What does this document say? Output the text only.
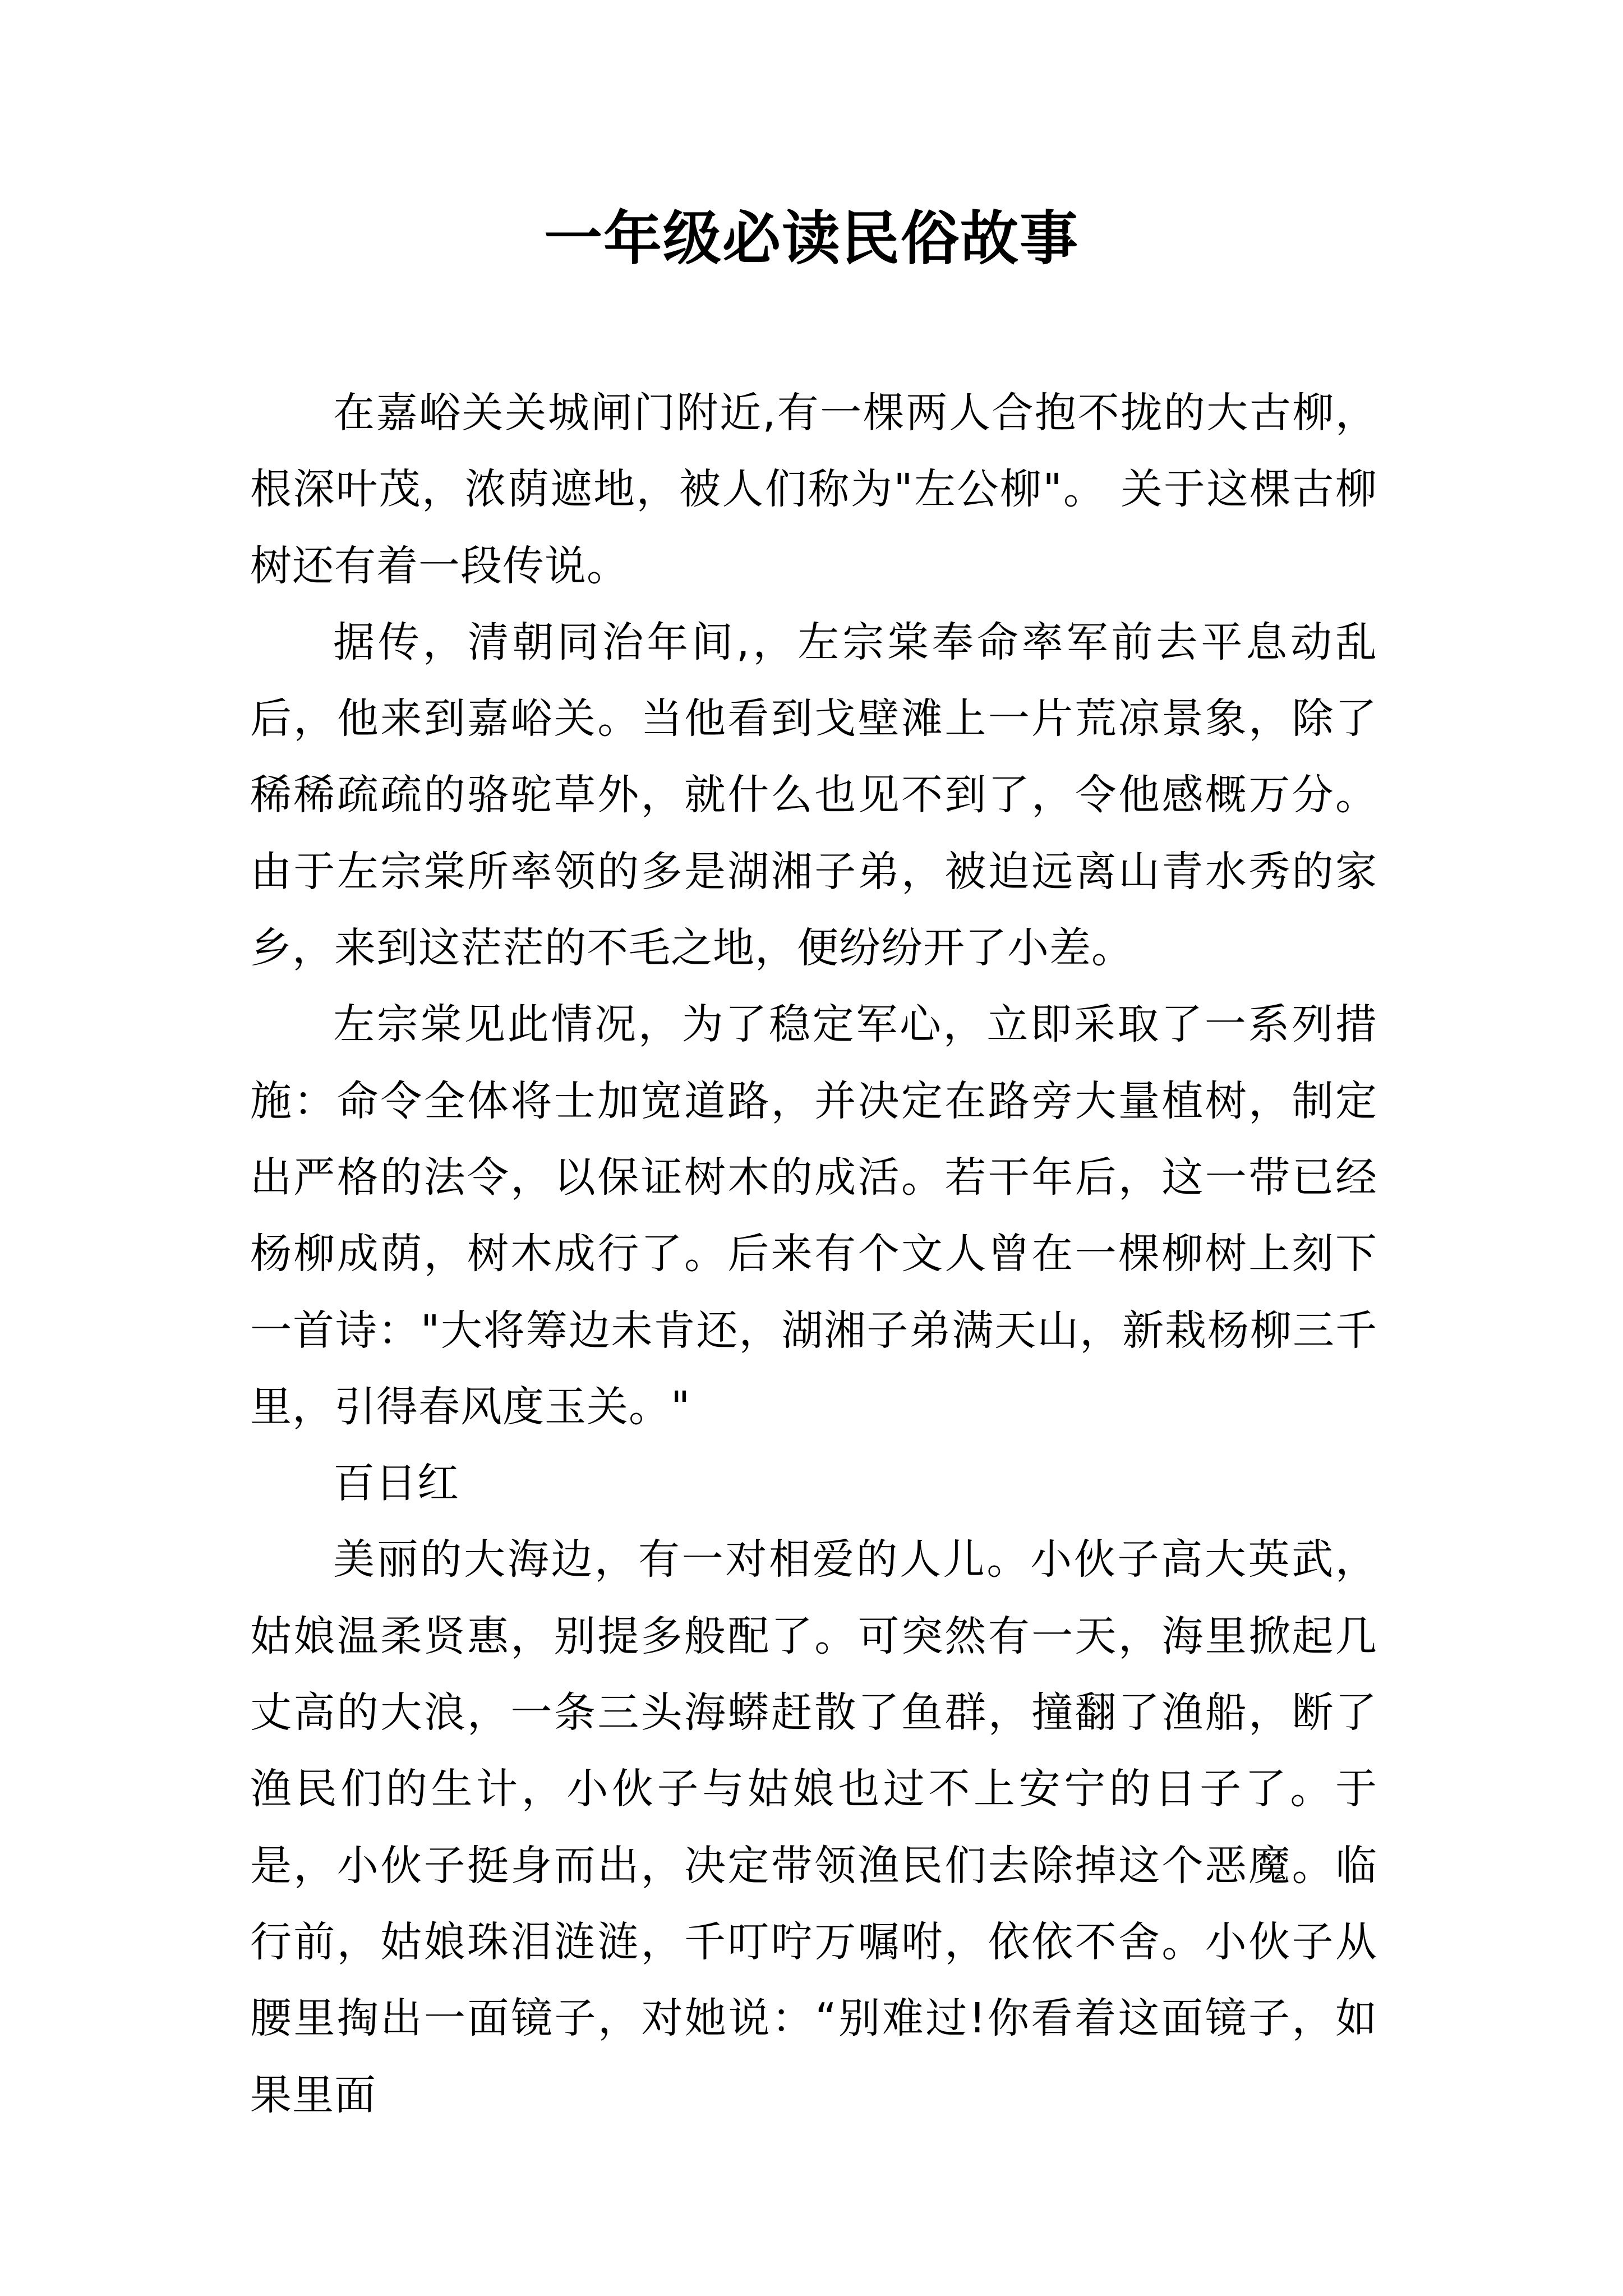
一年级必读民俗故事

在嘉峪关关城闸门附近,有一棵两人合抱不拢的大古柳，根深叶茂，浓荫遮地，被人们称为"左公柳"。 关于这棵古柳树还有着一段传说。

据传，清朝同治年间,，左宗棠奉命率军前去平息动乱后，他来到嘉峪关。当他看到戈壁滩上一片荒凉景象，除了稀稀疏疏的骆驼草外，就什么也见不到了，令他感概万分。由于左宗棠所率领的多是湖湘子弟，被迫远离山青水秀的家乡，来到这茫茫的不毛之地，便纷纷开了小差。

左宗棠见此情况，为了稳定军心，立即采取了一系列措施：命令全体将士加宽道路，并决定在路旁大量植树，制定出严格的法令，以保证树木的成活。若干年后，这一带已经杨柳成荫，树木成行了。后来有个文人曾在一棵柳树上刻下一首诗："大将筹边未肯还，湖湘子弟满天山，新栽杨柳三千里，引得春风度玉关。"

百日红

美丽的大海边，有一对相爱的人儿。小伙子高大英武，姑娘温柔贤惠，别提多般配了。可突然有一天，海里掀起几丈高的大浪，一条三头海蟒赶散了鱼群，撞翻了渔船，断了渔民们的生计，小伙子与姑娘也过不上安宁的日子了。于是，小伙子挺身而出，决定带领渔民们去除掉这个恶魔。临行前，姑娘珠泪涟涟，千叮咛万嘱咐，依依不舍。小伙子从腰里掏出一面镜子，对她说：“别难过!你看着这面镜子，如果里面
